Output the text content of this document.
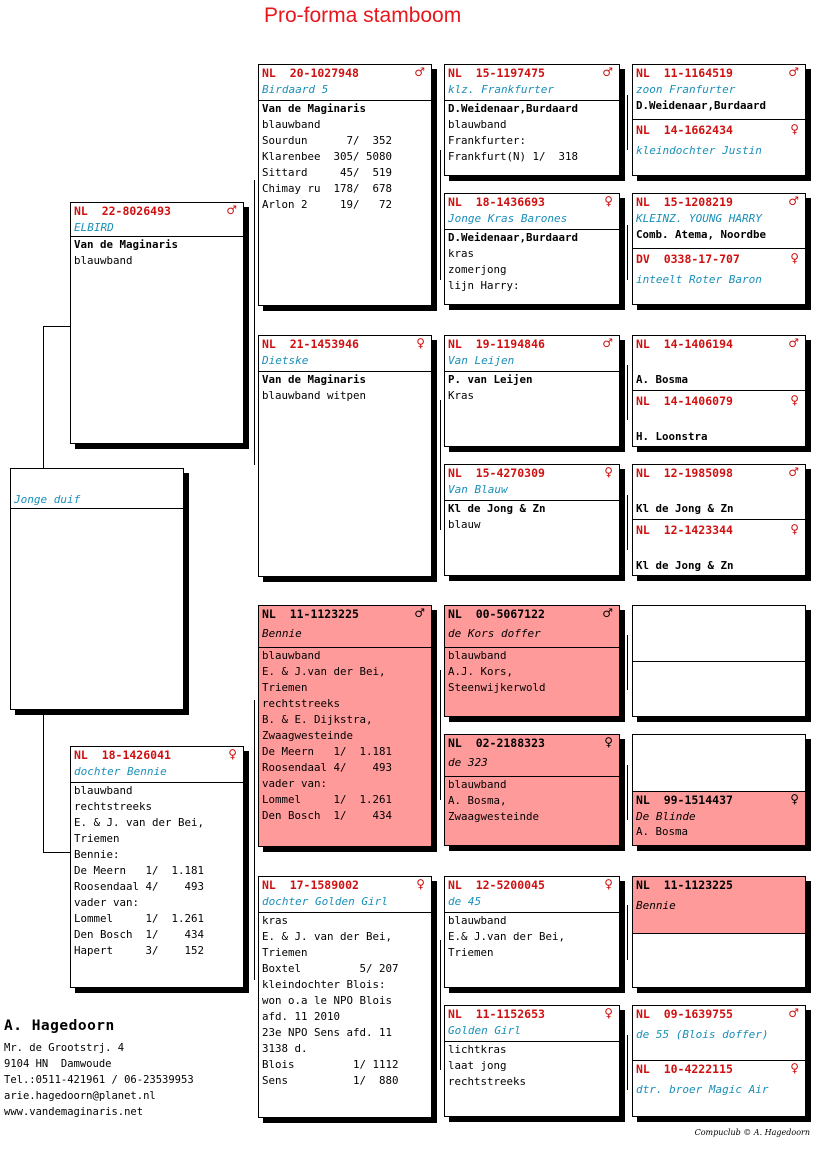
Pro-forma stamboom
Jonge duif
NL  22-8026493	♂
ELBIRD
Van de Maginaris
blauwband
NL  18-1426041	♀
dochter Bennie
blauwband
rechtstreeks
E. & J. van der Bei,
Triemen
Bennie:
De Meern   1/  1.181
Roosendaal 4/    493
vader van:
Lommel     1/  1.261
Den Bosch  1/    434
Hapert     3/    152
NL  20-1027948	♂
Birdaard 5
Van de Maginaris
blauwband
Sourdun      7/  352
Klarenbee  305/ 5080
Sittard     45/  519
Chimay ru  178/  678
Arlon 2     19/   72
NL  21-1453946	♀
Dietske
Van de Maginaris
blauwband witpen
NL  11-1123225	♂
Bennie
blauwband
E. & J.van der Bei,
Triemen
rechtstreeks
B. & E. Dijkstra,
Zwaagwesteinde
De Meern   1/  1.181
Roosendaal 4/    493
vader van:
Lommel     1/  1.261
Den Bosch  1/    434
NL  17-1589002	♀
dochter Golden Girl
kras
E. & J. van der Bei,
Triemen
Boxtel         5/ 207
kleindochter Blois:
won o.a le NPO Blois
afd. 11 2010
23e NPO Sens afd. 11
3138 d.
Blois         1/ 1112
Sens          1/  880
NL  15-1197475	♂
klz. Frankfurter
D.Weidenaar,Burdaard
blauwband
Frankfurter:
Frankfurt(N) 1/  318
NL  18-1436693	♀
Jonge Kras Barones
D.Weidenaar,Burdaard
kras
zomerjong
lijn Harry:
NL  19-1194846	♂
Van Leijen
P. van Leijen
Kras
NL  15-4270309	♀
Van Blauw
Kl de Jong & Zn
blauw
NL  00-5067122	♂
de Kors doffer
blauwband
A.J. Kors,
Steenwijkerwold
NL  02-2188323	♀
de 323
blauwband
A. Bosma,
Zwaagwesteinde
NL  12-5200045	♀
de 45
blauwband
E.& J.van der Bei,
Triemen
NL  11-1152653	♀
Golden Girl
lichtkras
laat jong
rechtstreeks
NL  11-1164519	♂
zoon Franfurter
D.Weidenaar,Burdaard
NL  14-1662434	♀
kleindochter Justin
NL  15-1208219	♂
KLEINZ. YOUNG HARRY
Comb. Atema, Noordbe
DV  0338-17-707	♀
inteelt Roter Baron
NL  14-1406194	♂
A. Bosma
NL  14-1406079	♀
H. Loonstra
NL  12-1985098	♂
Kl de Jong & Zn
NL  12-1423344	♀
Kl de Jong & Zn
NL  99-1514437	♀
De Blinde
A. Bosma
NL  11-1123225
Bennie
NL  09-1639755	♂
de 55 (Blois doffer)
NL  10-4222115	♀
dtr. broer Magic Air
A. Hagedoorn
Mr. de Grootstrj. 4
9104 HN  Damwoude
Tel.:0511-421961 / 06-23539953
arie.hagedoorn@planet.nl
www.vandemaginaris.net
Compuclub © A. Hagedoorn
